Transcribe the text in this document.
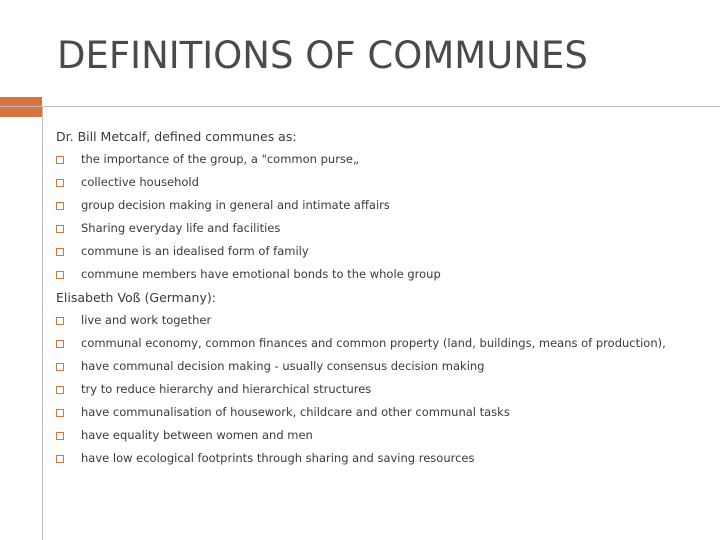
DEFINITIONS OF COMMUNES

Dr. Bill Metcalf, defined communes as:

the importance of the group, a "common purse„
collective household
group decision making in general and intimate affairs
Sharing everyday life and facilities
commune is an idealised form of family
commune members have emotional bonds to the whole group

Elisabeth Voß (Germany):

live and work together
communal economy, common finances and common property (land, buildings, means of production),
have communal decision making - usually consensus decision making
try to reduce hierarchy and hierarchical structures
have communalisation of housework, childcare and other communal tasks
have equality between women and men
have low ecological footprints through sharing and saving resources
